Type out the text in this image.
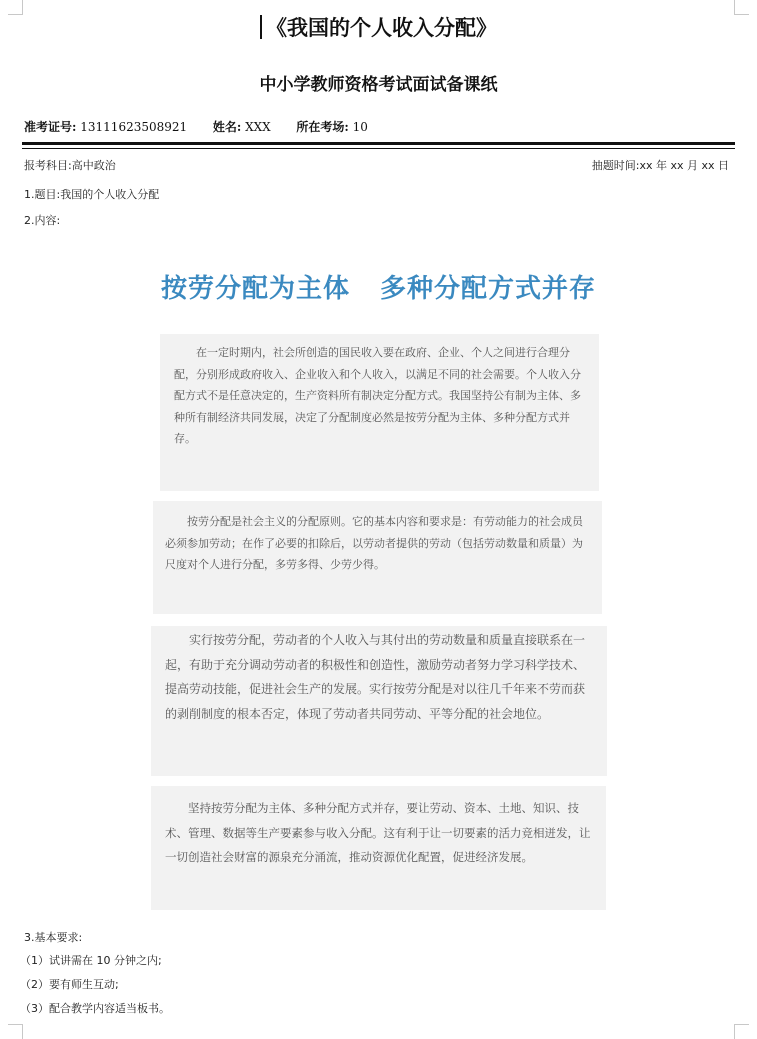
《我国的个人收入分配》
中小学教师资格考试面试备课纸
准考证号: 13111623508921 姓名: XXX 所在考场: 10
报考科目:高中政治	抽题时间:xx 年 xx 月 xx 日
1.题目:我国的个人收入分配
2.内容:
按劳分配为主体 多种分配方式并存

在一定时期内，社会所创造的国民收入要在政府、企业、个人之间进行合理分配，分别形成政府收入、企业收入和个人收入，以满足不同的社会需要。个人收入分配方式不是任意决定的，生产资料所有制决定分配方式。我国坚持公有制为主体、多种所有制经济共同发展，决定了分配制度必然是按劳分配为主体、多种分配方式并存。

按劳分配是社会主义的分配原则。它的基本内容和要求是：有劳动能力的社会成员必须参加劳动；在作了必要的扣除后，以劳动者提供的劳动（包括劳动数量和质量）为尺度对个人进行分配，多劳多得、少劳少得。

实行按劳分配，劳动者的个人收入与其付出的劳动数量和质量直接联系在一起，有助于充分调动劳动者的积极性和创造性，激励劳动者努力学习科学技术、提高劳动技能，促进社会生产的发展。实行按劳分配是对以往几千年来不劳而获的剥削制度的根本否定，体现了劳动者共同劳动、平等分配的社会地位。

坚持按劳分配为主体、多种分配方式并存，要让劳动、资本、土地、知识、技术、管理、数据等生产要素参与收入分配。这有利于让一切要素的活力竞相迸发，让一切创造社会财富的源泉充分涌流，推动资源优化配置，促进经济发展。

3.基本要求:
（1）试讲需在 10 分钟之内;
（2）要有师生互动;
（3）配合教学内容适当板书。
